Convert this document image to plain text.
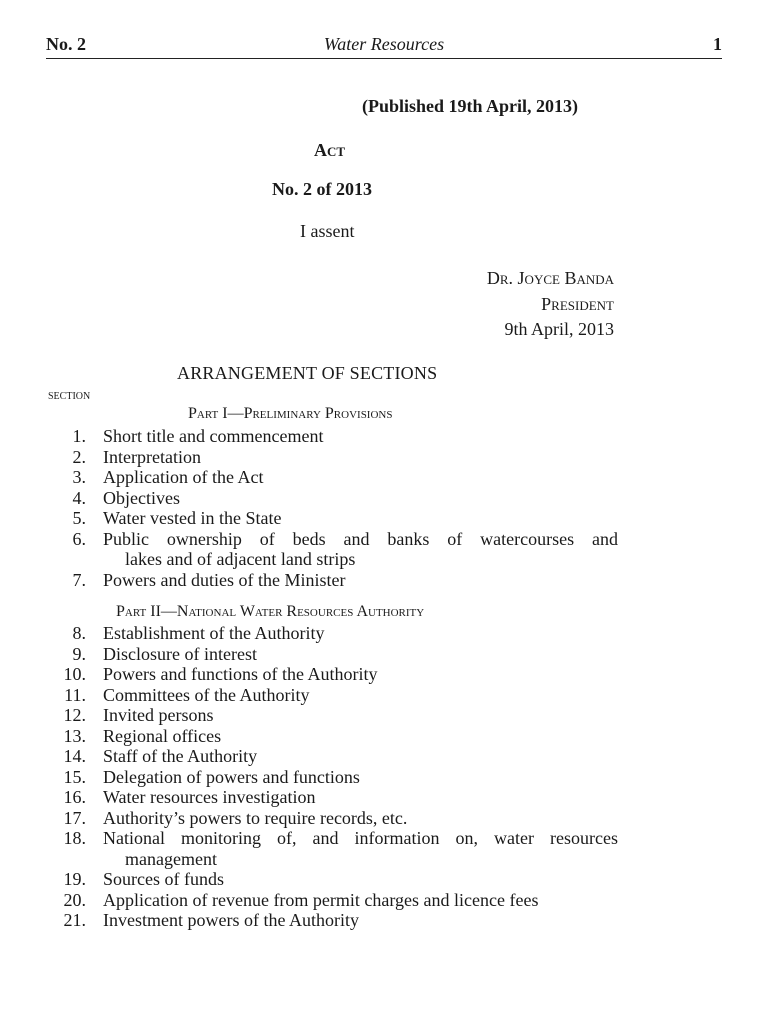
No. 2	Water Resources	1
(Published 19th April, 2013)
Act
No. 2 of 2013
I assent
Dr. Joyce Banda
President
9th April, 2013
ARRANGEMENT OF SECTIONS
section
Part I—Preliminary Provisions
1. Short title and commencement
2. Interpretation
3. Application of the Act
4. Objectives
5. Water vested in the State
6. Public ownership of beds and banks of watercourses and
lakes and of adjacent land strips
7. Powers and duties of the Minister
Part II—National Water Resources Authority
8. Establishment of the Authority
9. Disclosure of interest
10. Powers and functions of the Authority
11. Committees of the Authority
12. Invited persons
13. Regional offices
14. Staff of the Authority
15. Delegation of powers and functions
16. Water resources investigation
17. Authority’s powers to require records, etc.
18. National monitoring of, and information on, water resources
management
19. Sources of funds
20. Application of revenue from permit charges and licence fees
21. Investment powers of the Authority
